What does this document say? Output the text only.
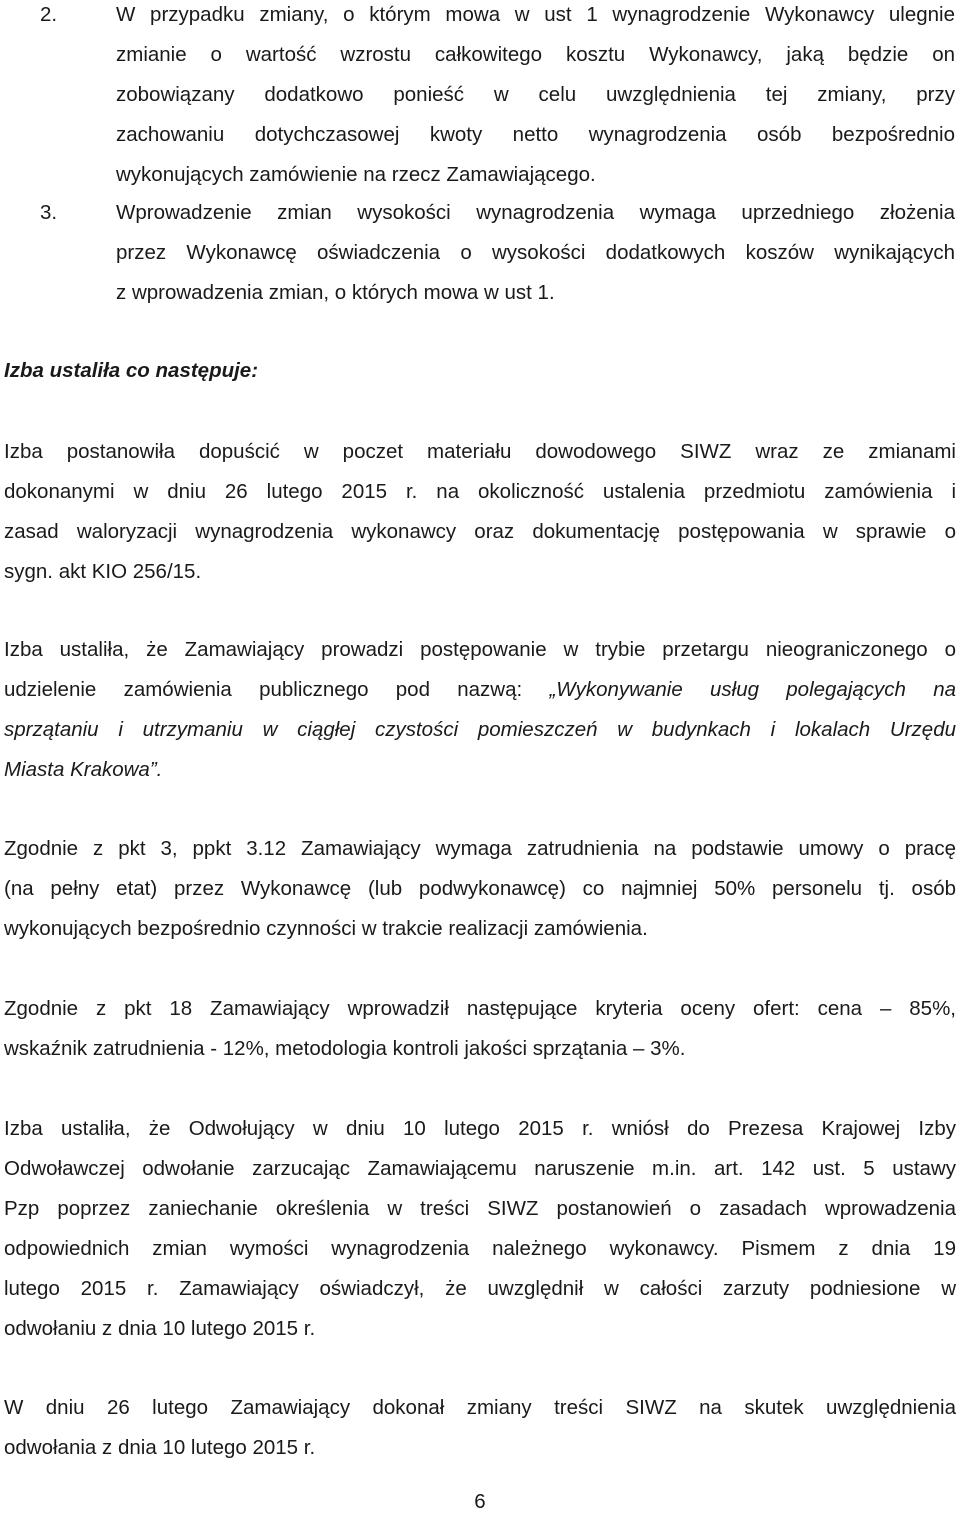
2.	W przypadku zmiany, o którym mowa w ust 1 wynagrodzenie Wykonawcy ulegnie
zmianie o wartość wzrostu całkowitego kosztu Wykonawcy, jaką będzie on
zobowiązany dodatkowo ponieść w celu uwzględnienia tej zmiany, przy
zachowaniu dotychczasowej kwoty netto wynagrodzenia osób bezpośrednio
wykonujących zamówienie na rzecz Zamawiającego.
3.	Wprowadzenie zmian wysokości wynagrodzenia wymaga uprzedniego złożenia
przez Wykonawcę oświadczenia o wysokości dodatkowych koszów wynikających
z wprowadzenia zmian, o których mowa w ust 1.

Izba ustaliła co następuje:

Izba postanowiła dopuścić w poczet materiału dowodowego SIWZ wraz ze zmianami
dokonanymi w dniu 26 lutego 2015 r. na okoliczność ustalenia przedmiotu zamówienia i
zasad waloryzacji wynagrodzenia wykonawcy oraz dokumentację postępowania w sprawie o
sygn. akt KIO 256/15.
Izba ustaliła, że Zamawiający prowadzi postępowanie w trybie przetargu nieograniczonego o
udzielenie zamówienia publicznego pod nazwą: „Wykonywanie usług polegających na
sprzątaniu i utrzymaniu w ciągłej czystości pomieszczeń w budynkach i lokalach Urzędu
Miasta Krakowa”.
Zgodnie z pkt 3, ppkt 3.12 Zamawiający wymaga zatrudnienia na podstawie umowy o pracę
(na pełny etat) przez Wykonawcę (lub podwykonawcę) co najmniej 50% personelu tj. osób
wykonujących bezpośrednio czynności w trakcie realizacji zamówienia.
Zgodnie z pkt 18 Zamawiający wprowadził następujące kryteria oceny ofert: cena – 85%,
wskaźnik zatrudnienia - 12%, metodologia kontroli jakości sprzątania – 3%.
Izba ustaliła, że Odwołujący w dniu 10 lutego 2015 r. wniósł do Prezesa Krajowej Izby
Odwoławczej odwołanie zarzucając Zamawiającemu naruszenie m.in. art. 142 ust. 5 ustawy
Pzp poprzez zaniechanie określenia w treści SIWZ postanowień o zasadach wprowadzenia
odpowiednich zmian wymości wynagrodzenia należnego wykonawcy. Pismem z dnia 19
lutego 2015 r. Zamawiający oświadczył, że uwzględnił w całości zarzuty podniesione w
odwołaniu z dnia 10 lutego 2015 r.
W dniu 26 lutego Zamawiający dokonał zmiany treści SIWZ na skutek uwzględnienia
odwołania z dnia 10 lutego 2015 r.
6
